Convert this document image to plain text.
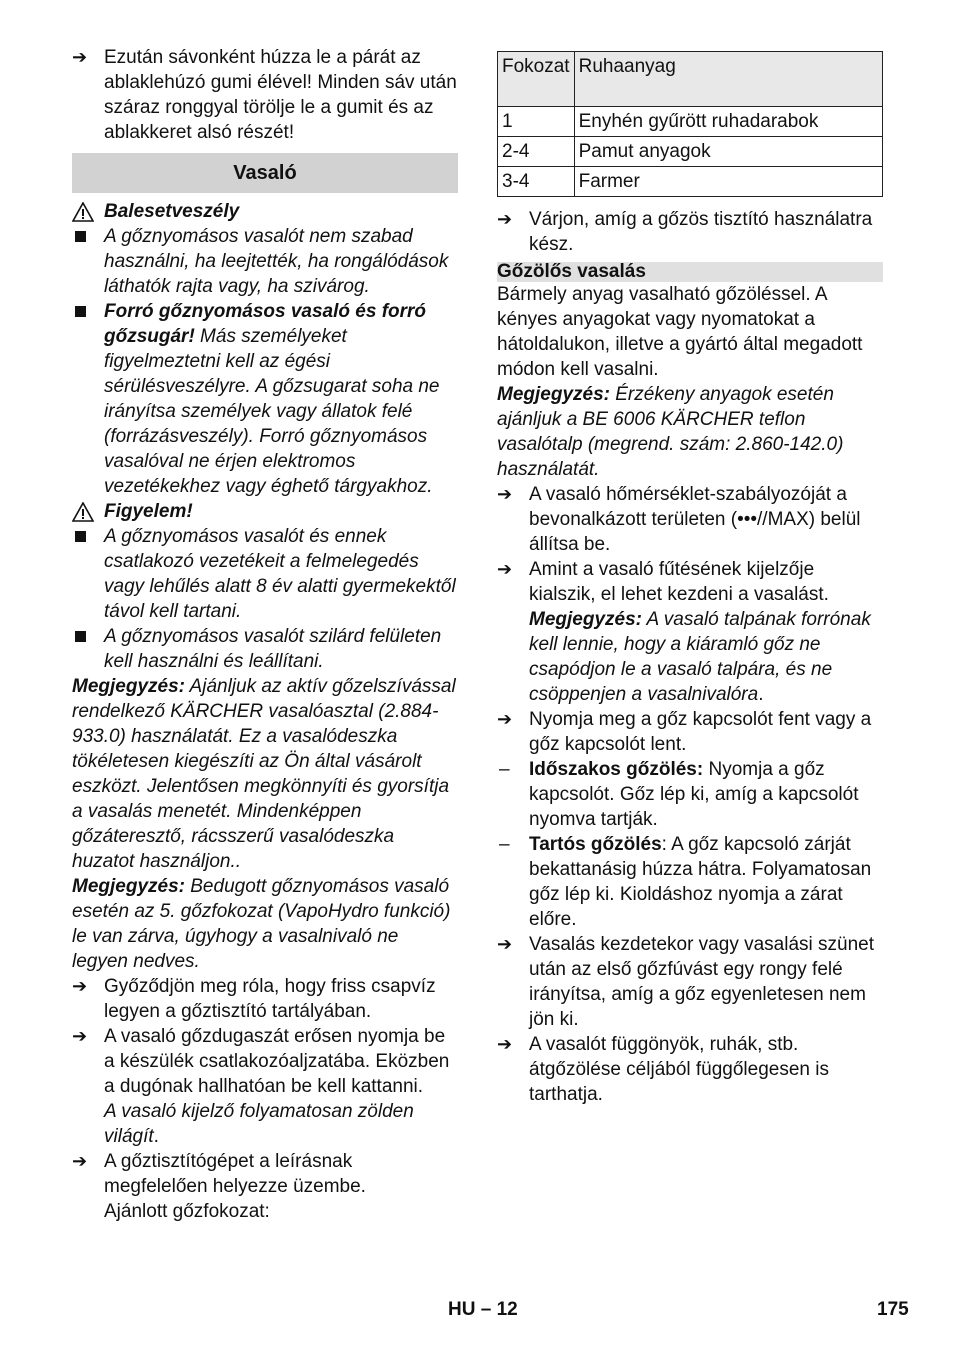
➔ Ezután sávonként húzza le a párát az ablaklehúzó gumi élével! Minden sáv után száraz ronggyal törölje le a gumit és az ablakkeret alsó részét!
Vasaló
Balesetveszély
A gőznyomásos vasalót nem szabad használni, ha leejtették, ha rongálódások láthatók rajta vagy, ha szivárog.
Forró gőznyomásos vasaló és forró gőzsugár! Más személyeket figyelmeztetni kell az égési sérülésveszélyre. A gőzsugarat soha ne irányítsa személyek vagy állatok felé (forrázásveszély). Forró gőznyomásos vasalóval ne érjen elektromos vezetékekhez vagy éghető tárgyakhoz.
Figyelem!
A gőznyomásos vasalót és ennek csatlakozó vezetékeit a felmelegedés vagy lehűlés alatt 8 év alatti gyermekektől távol kell tartani.
A gőznyomásos vasalót szilárd felületen kell használni és leállítani.
Megjegyzés: Ajánljuk az aktív gőzelszívással rendelkező KÄRCHER vasalóasztal (2.884-933.0) használatát. Ez a vasalódeszka tökéletesen kiegészíti az Ön által vásárolt eszközt. Jelentősen megkönnyíti és gyorsítja a vasalás menetét. Mindenképpen gőzáteresztő, rácsszerű vasalódeszka huzatot használjon..
Megjegyzés: Bedugott gőznyomásos vasaló esetén az 5. gőzfokozat (VapoHydro funkció) le van zárva, úgyhogy a vasalnivaló ne legyen nedves.
➔ Győződjön meg róla, hogy friss csapvíz legyen a gőztisztító tartályában.
➔ A vasaló gőzdugaszát erősen nyomja be a készülék csatlakozóaljzatába. Eközben a dugónak hallhatóan be kell kattanni.
A vasaló kijelző folyamatosan zölden világít.
➔ A gőztisztítógépet a leírásnak megfelelően helyezze üzembe.
Ajánlott gőzfokozat:
Fokozat	Ruhaanyag
1	Enyhén gyűrött ruhadarabok
2-4	Pamut anyagok
3-4	Farmer
➔ Várjon, amíg a gőzös tisztító használatra kész.
Gőzölős vasalás
Bármely anyag vasalható gőzöléssel. A kényes anyagokat vagy nyomatokat a hátoldalukon, illetve a gyártó által megadott módon kell vasalni.
Megjegyzés: Érzékeny anyagok esetén ajánljuk a BE 6006 KÄRCHER teflon vasalótalp (megrend. szám: 2.860-142.0) használatát.
➔ A vasaló hőmérséklet-szabályozóját a bevonalkázott területen (•••//MAX) belül állítsa be.
➔ Amint a vasaló fűtésének kijelzője kialszik, el lehet kezdeni a vasalást.
Megjegyzés: A vasaló talpának forrónak kell lennie, hogy a kiáramló gőz ne csapódjon le a vasaló talpára, és ne csöppenjen a vasalnivalóra.
➔ Nyomja meg a gőz kapcsolót fent vagy a gőz kapcsolót lent.
–	Időszakos gőzölés: Nyomja a gőz kapcsolót. Gőz lép ki, amíg a kapcsolót nyomva tartják.
–	Tartós gőzölés: A gőz kapcsoló zárját bekattanásig húzza hátra. Folyamatosan gőz lép ki. Kioldáshoz nyomja a zárat előre.
➔ Vasalás kezdetekor vagy vasalási szünet után az első gőzfúvást egy rongy felé irányítsa, amíg a gőz egyenletesen nem jön ki.
➔ A vasalót függönyök, ruhák, stb. átgőzölése céljából függőlegesen is tarthatja.
HU – 12	175
